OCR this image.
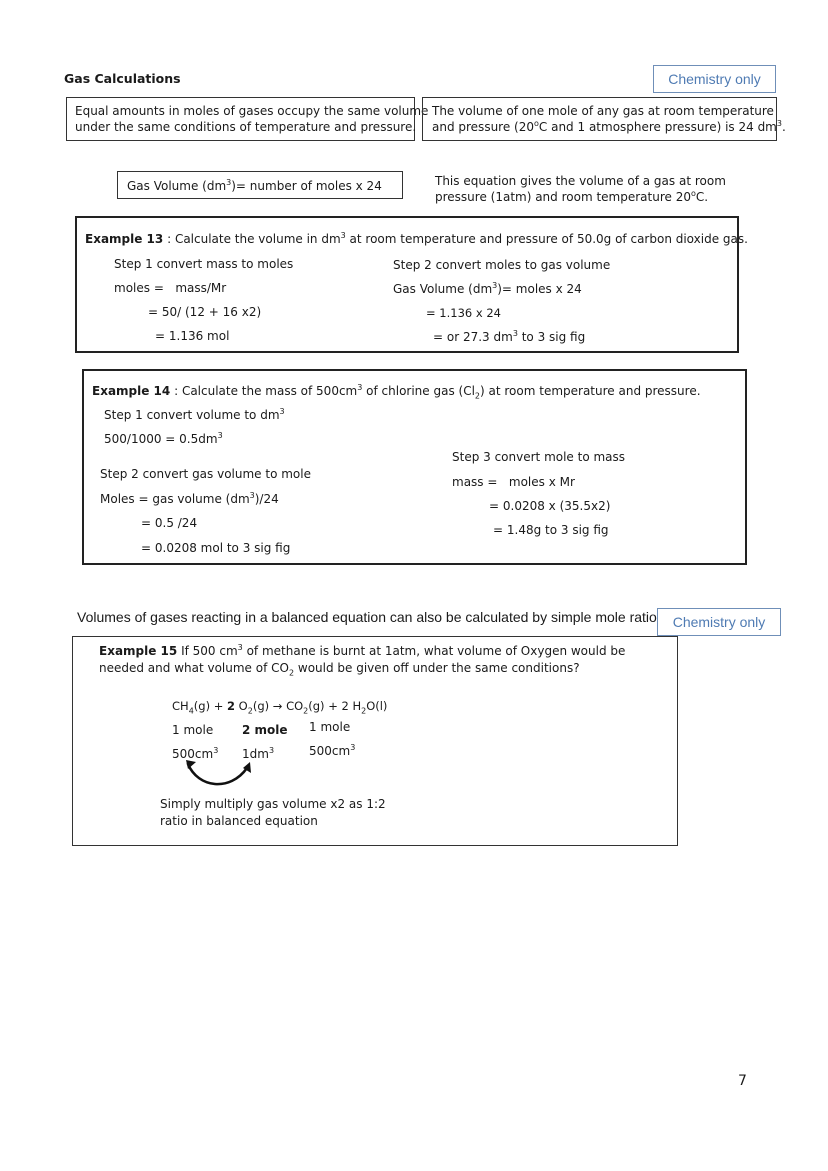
Gas Calculations	Chemistry only
Equal amounts in moles of gases occupy the same volume
under the same conditions of temperature and pressure.
The volume of one mole of any gas at room temperature
and pressure (20$^o$C and 1 atmosphere pressure) is 24 $dm^3$.
Gas Volume $(dm^3)=$ number of moles x 24	This equation gives the volume of a gas at room
pressure (1atm) and room temperature 20$^o$C.
Example 13 : Calculate the volume in $dm^3$ at room temperature and pressure of 50.0g of carbon dioxide gas.
Step 1 convert mass to moles
moles =   mass/Mr
= 50/ (12 + 16 x2)
= 1.136 mol
Step 2 convert moles to gas volume
Gas Volume $(dm^3)=$ moles x 24
= 1.136 x 24
= or 27.3 $dm^3$ to 3 sig fig
Example 14 : Calculate the mass of $500cm^3$ of chlorine gas $(Cl_2)$ at room temperature and pressure.
Step 1 convert volume to $dm^3$
$500/1000 = 0.5dm^3$
Step 2 convert gas volume to mole
Moles = gas volume $(dm^3)/24$
= 0.5 /24
= 0.0208 mol to 3 sig fig
Step 3 convert mole to mass
mass =   moles x Mr
= 0.0208 x (35.5x2)
= 1.48g to 3 sig fig
Volumes of gases reacting in a balanced equation can also be calculated by simple mole ratio	Chemistry only
Example 15 If 500 $cm^3$ of methane is burnt at 1atm, what volume of Oxygen would be
needed and what volume of $CO_2$ would be given off under the same conditions?
$CH_4(g) + 2$ $O_2(g) \to CO_2(g) + 2$ $H_2O(l)$
1 mole 2 mole 1 mole
$500cm^3$ $1dm^3$	$500cm^3$
Simply multiply gas volume x2 as 1:2
ratio in balanced equation
7
